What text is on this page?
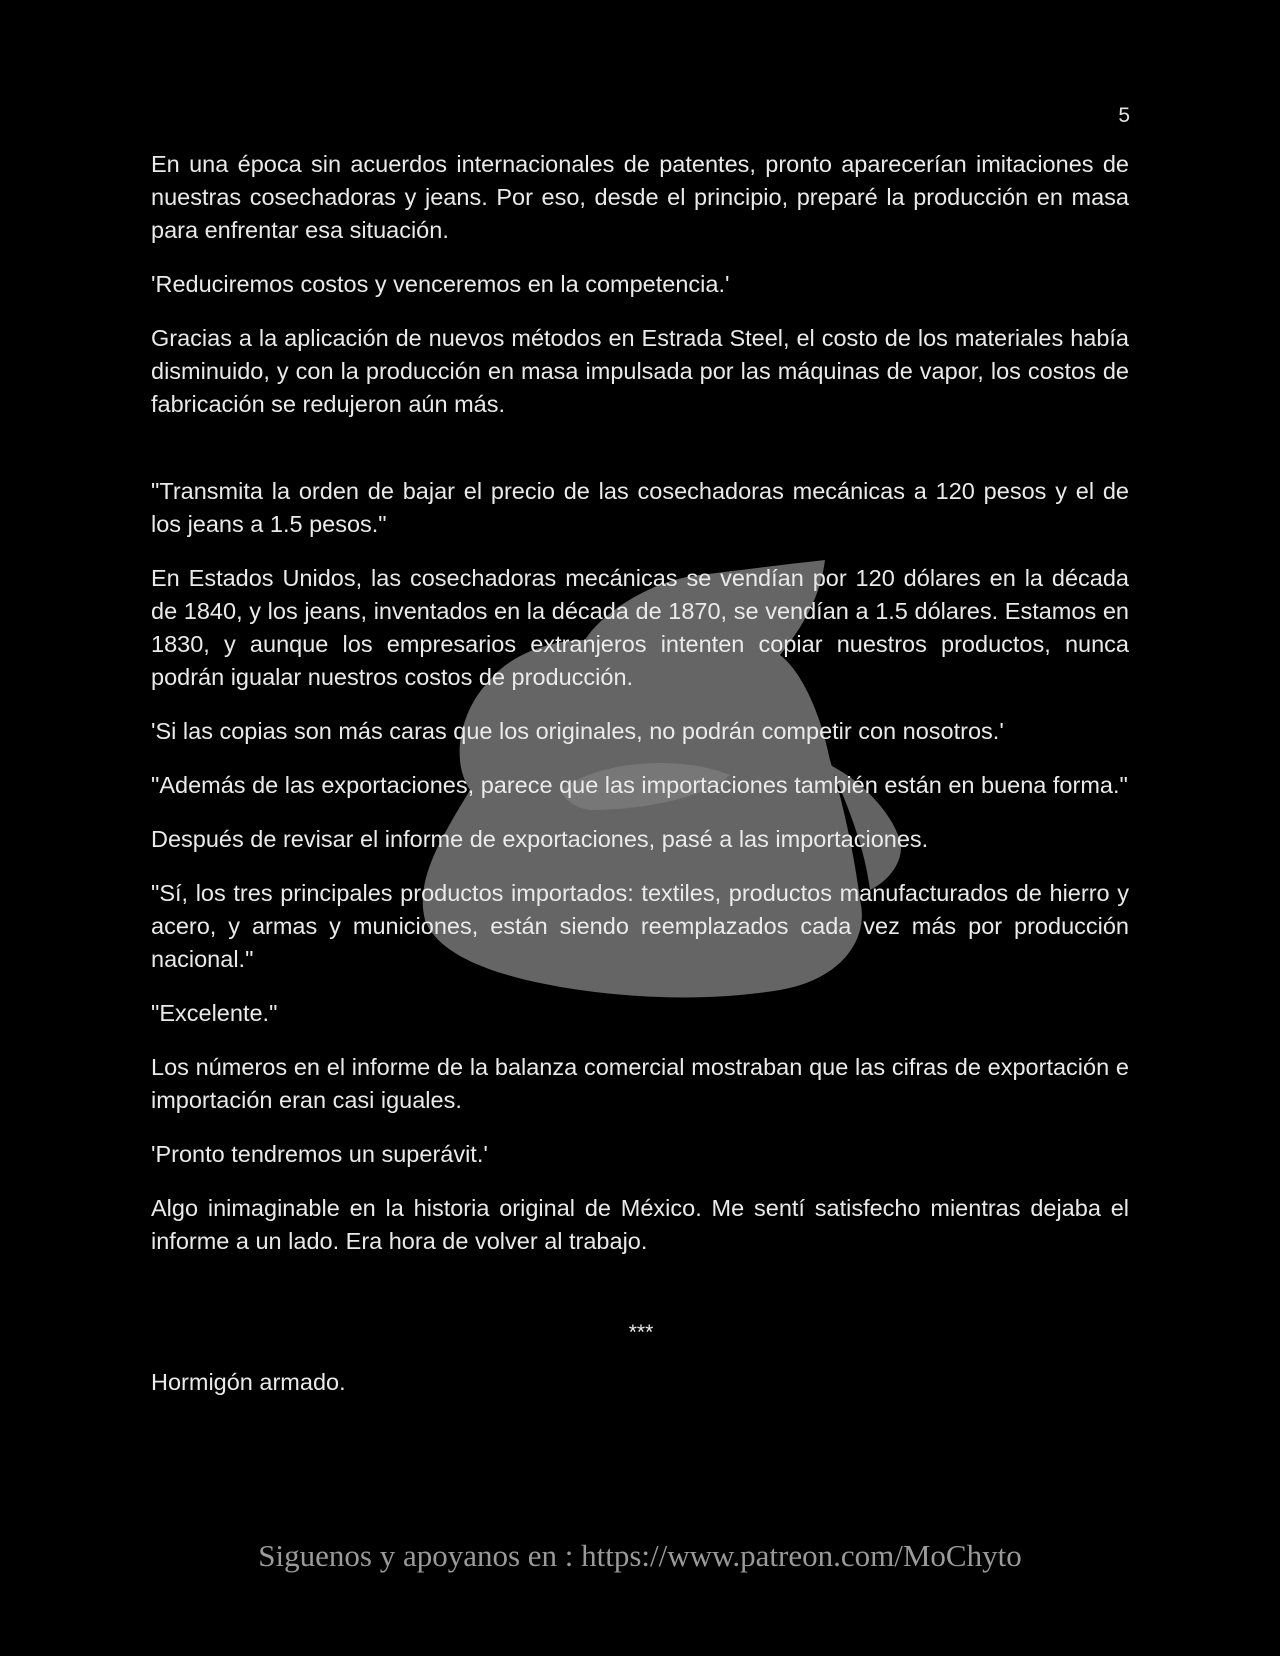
5

En una época sin acuerdos internacionales de patentes, pronto aparecerían imitaciones de nuestras cosechadoras y jeans. Por eso, desde el principio, preparé la producción en masa para enfrentar esa situación.

'Reduciremos costos y venceremos en la competencia.'

Gracias a la aplicación de nuevos métodos en Estrada Steel, el costo de los materiales había disminuido, y con la producción en masa impulsada por las máquinas de vapor, los costos de fabricación se redujeron aún más.

"Transmita la orden de bajar el precio de las cosechadoras mecánicas a 120 pesos y el de los jeans a 1.5 pesos."

En Estados Unidos, las cosechadoras mecánicas se vendían por 120 dólares en la década de 1840, y los jeans, inventados en la década de 1870, se vendían a 1.5 dólares. Estamos en 1830, y aunque los empresarios extranjeros intenten copiar nuestros productos, nunca podrán igualar nuestros costos de producción.

'Si las copias son más caras que los originales, no podrán competir con nosotros.'

"Además de las exportaciones, parece que las importaciones también están en buena forma."

Después de revisar el informe de exportaciones, pasé a las importaciones.

"Sí, los tres principales productos importados: textiles, productos manufacturados de hierro y acero, y armas y municiones, están siendo reemplazados cada vez más por producción nacional."

"Excelente."

Los números en el informe de la balanza comercial mostraban que las cifras de exportación e importación eran casi iguales.

'Pronto tendremos un superávit.'

Algo inimaginable en la historia original de México. Me sentí satisfecho mientras dejaba el informe a un lado. Era hora de volver al trabajo.

***

Hormigón armado.

Siguenos y apoyanos en : https://www.patreon.com/MoChyto
